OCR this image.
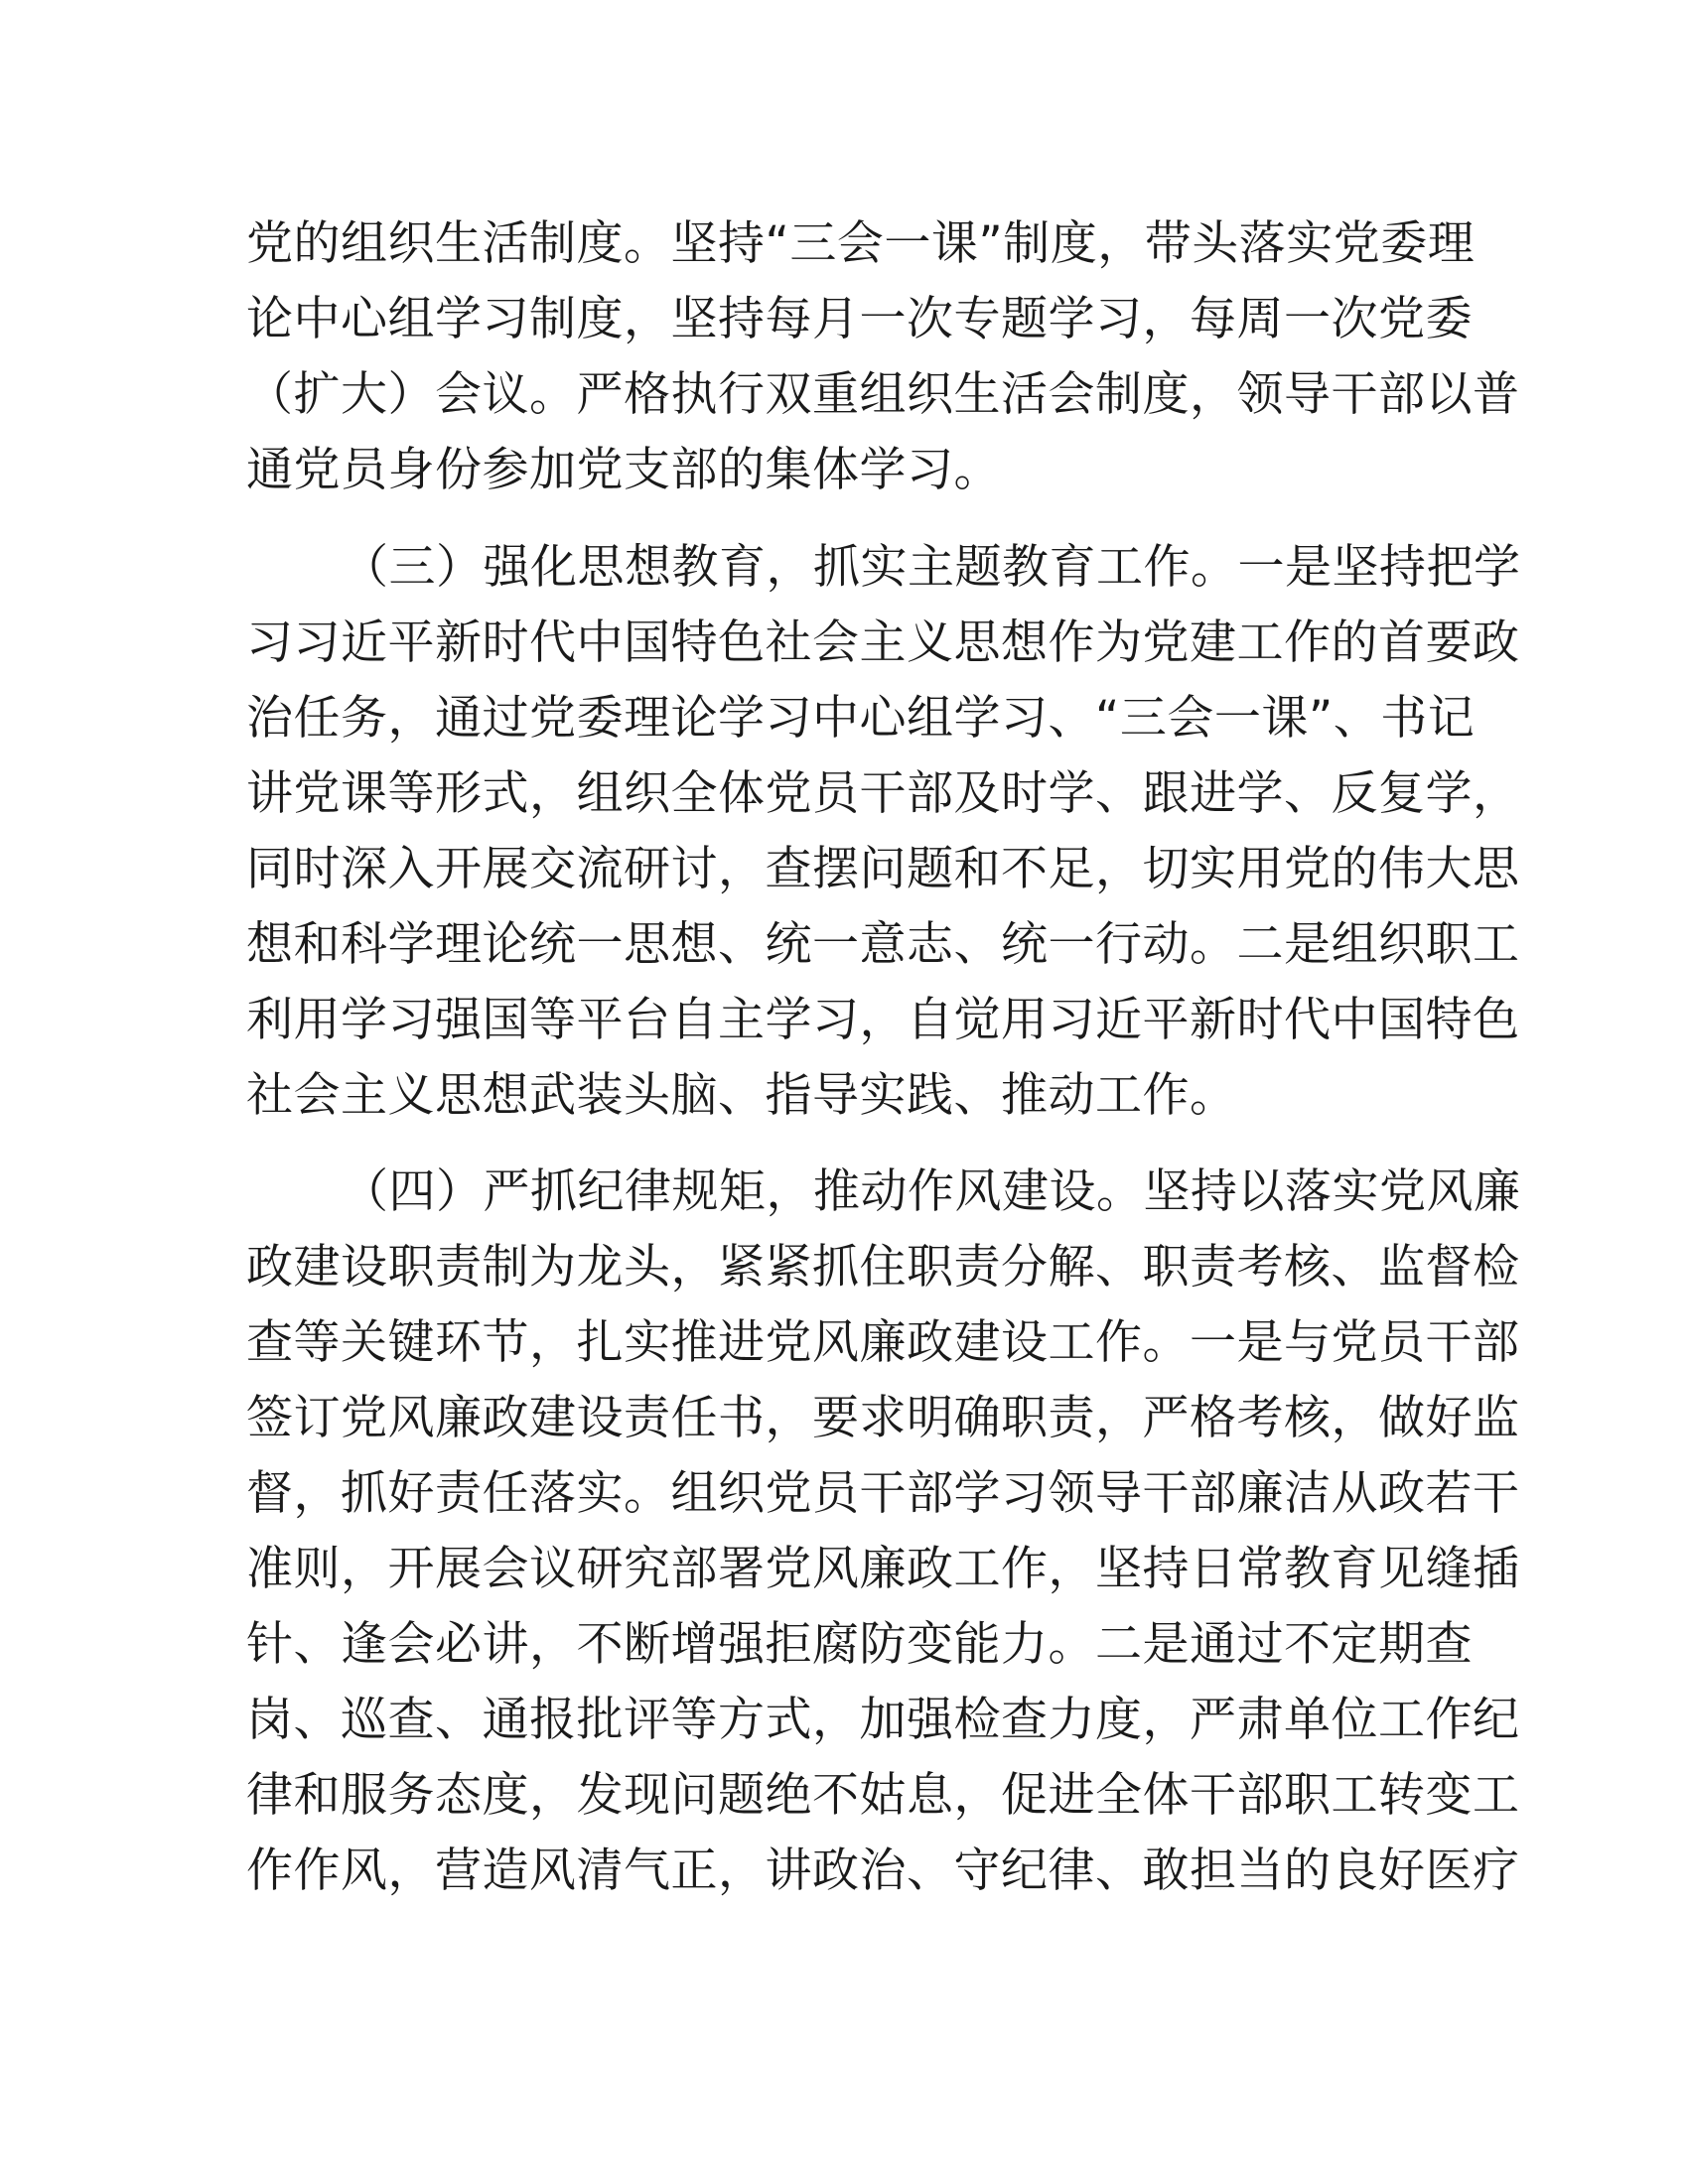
党的组织生活制度。坚持“三会一课”制度，带头落实党委理
论中心组学习制度，坚持每月一次专题学习，每周一次党委
（扩大）会议。严格执行双重组织生活会制度，领导干部以普
通党员身份参加党支部的集体学习。
（三）强化思想教育，抓实主题教育工作。一是坚持把学
习习近平新时代中国特色社会主义思想作为党建工作的首要政
治任务，通过党委理论学习中心组学习、“三会一课”、书记
讲党课等形式，组织全体党员干部及时学、跟进学、反复学，
同时深入开展交流研讨，查摆问题和不足，切实用党的伟大思
想和科学理论统一思想、统一意志、统一行动。二是组织职工
利用学习强国等平台自主学习，自觉用习近平新时代中国特色
社会主义思想武装头脑、指导实践、推动工作。
（四）严抓纪律规矩，推动作风建设。坚持以落实党风廉
政建设职责制为龙头，紧紧抓住职责分解、职责考核、监督检
查等关键环节，扎实推进党风廉政建设工作。一是与党员干部
签订党风廉政建设责任书，要求明确职责，严格考核，做好监
督，抓好责任落实。组织党员干部学习领导干部廉洁从政若干
准则，开展会议研究部署党风廉政工作，坚持日常教育见缝插
针、逢会必讲，不断增强拒腐防变能力。二是通过不定期查
岗、巡查、通报批评等方式，加强检查力度，严肃单位工作纪
律和服务态度，发现问题绝不姑息，促进全体干部职工转变工
作作风，营造风清气正，讲政治、守纪律、敢担当的良好医疗
